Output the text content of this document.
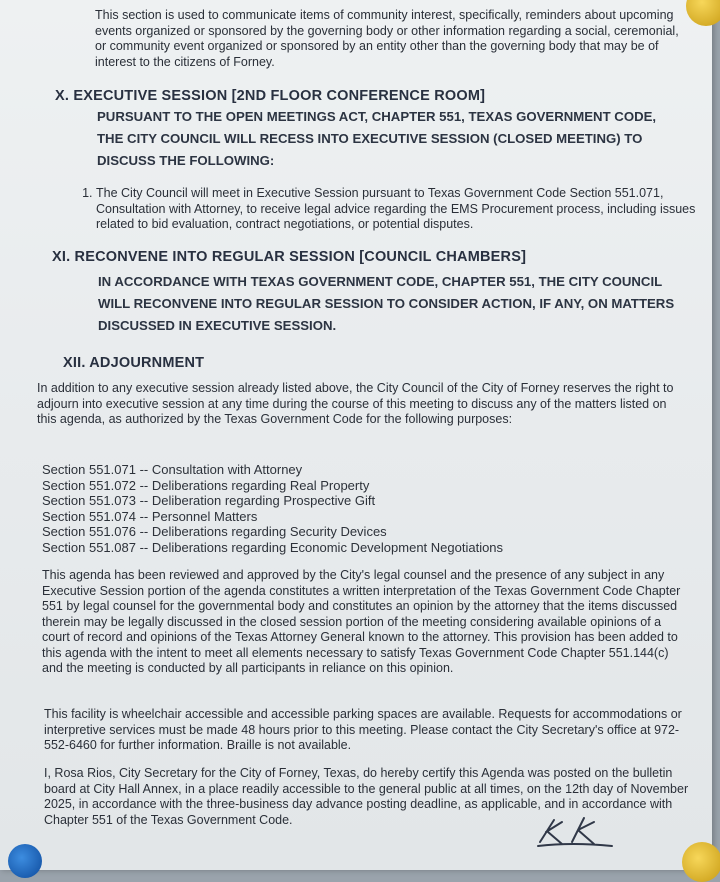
This section is used to communicate items of community interest, specifically, reminders about upcoming events organized or sponsored by the governing body or other information regarding a social, ceremonial, or community event organized or sponsored by an entity other than the governing body that may be of interest to the citizens of Forney.

X. EXECUTIVE SESSION [2ND FLOOR CONFERENCE ROOM]

PURSUANT TO THE OPEN MEETINGS ACT, CHAPTER 551, TEXAS GOVERNMENT CODE, THE CITY COUNCIL WILL RECESS INTO EXECUTIVE SESSION (CLOSED MEETING) TO DISCUSS THE FOLLOWING:

1. The City Council will meet in Executive Session pursuant to Texas Government Code Section 551.071, Consultation with Attorney, to receive legal advice regarding the EMS Procurement process, including issues related to bid evaluation, contract negotiations, or potential disputes.
XI. RECONVENE INTO REGULAR SESSION [COUNCIL CHAMBERS]

IN ACCORDANCE WITH TEXAS GOVERNMENT CODE, CHAPTER 551, THE CITY COUNCIL WILL RECONVENE INTO REGULAR SESSION TO CONSIDER ACTION, IF ANY, ON MATTERS DISCUSSED IN EXECUTIVE SESSION.

XII. ADJOURNMENT

In addition to any executive session already listed above, the City Council of the City of Forney reserves the right to adjourn into executive session at any time during the course of this meeting to discuss any of the matters listed on this agenda, as authorized by the Texas Government Code for the following purposes:

Section 551.071 -- Consultation with Attorney
Section 551.072 -- Deliberations regarding Real Property
Section 551.073 -- Deliberation regarding Prospective Gift
Section 551.074 -- Personnel Matters
Section 551.076 -- Deliberations regarding Security Devices
Section 551.087 -- Deliberations regarding Economic Development Negotiations

This agenda has been reviewed and approved by the City's legal counsel and the presence of any subject in any Executive Session portion of the agenda constitutes a written interpretation of the Texas Government Code Chapter 551 by legal counsel for the governmental body and constitutes an opinion by the attorney that the items discussed therein may be legally discussed in the closed session portion of the meeting considering available opinions of a court of record and opinions of the Texas Attorney General known to the attorney. This provision has been added to this agenda with the intent to meet all elements necessary to satisfy Texas Government Code Chapter 551.144(c) and the meeting is conducted by all participants in reliance on this opinion.

This facility is wheelchair accessible and accessible parking spaces are available. Requests for accommodations or interpretive services must be made 48 hours prior to this meeting. Please contact the City Secretary's office at 972-552-6460 for further information. Braille is not available.

I, Rosa Rios, City Secretary for the City of Forney, Texas, do hereby certify this Agenda was posted on the bulletin board at City Hall Annex, in a place readily accessible to the general public at all times, on the 12th day of November 2025, in accordance with the three-business day advance posting deadline, as applicable, and in accordance with Chapter 551 of the Texas Government Code.
